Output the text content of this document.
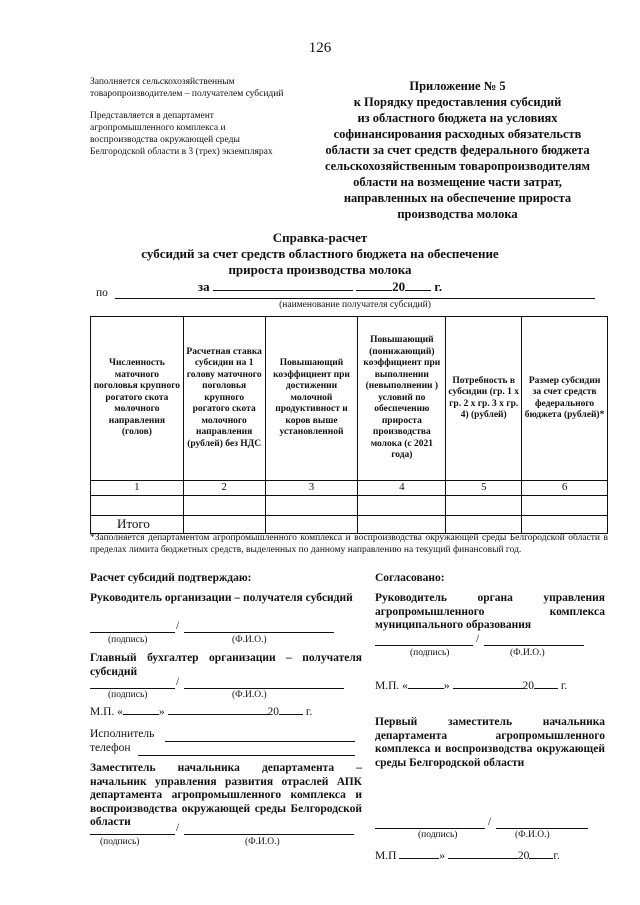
126
Заполняется сельскохозяйственным
товаропроизводителем – получателем субсидий
Представляется в департамент
агропромышленного комплекса и
воспроизводства окружающей среды
Белгородской области в 3 (трех) экземплярах
Приложение № 5
к Порядку предоставления субсидий
из областного бюджета на условиях
софинансирования расходных обязательств
области за счет средств федерального бюджета
сельскохозяйственным товаропроизводителям
области на возмещение части затрат,
направленных на обеспечение прироста
производства молока
Справка-расчет
субсидий за счет средств областного бюджета на обеспечение
прироста производства молока
за	20 г.
по
(наименование получателя субсидий)
Численность маточного поголовья крупного рогатого скота молочного направления (голов)	Расчетная ставка субсидии на 1 голову маточного поголовья крупного рогатого скота молочного направления (рублей) без НДС	Повышающий коэффициент при достижении молочной продуктивност и коров выше установленной	Повышающий (понижающий) коэффициент при выполнении (невыполнении ) условий по обеспечению прироста производства молока (с 2021 года)	Потребность в субсидии (гр. 1 х гр. 2 х гр. 3 х гр. 4) (рублей)	Размер субсидии за счет средств федерального бюджета (рублей)*
1	2	3	4	5	6

Итого					
*Заполняется департаментом агропромышленного комплекса и воспроизводства окружающей среды Белгородской области в пределах лимита бюджетных средств, выделенных по данному направлению на текущий финансовый год.
Расчет субсидий подтверждаю:
Руководитель организации – получателя субсидий
/
(подпись)	(Ф.И.О.)
Главный бухгалтер организации – получателя субсидий
/
(подпись)	(Ф.И.О.)
М.П. «	»	20 г.
Исполнитель
телефон
Заместитель начальника департамента – начальник управления развития отраслей АПК департамента агропромышленного комплекса и воспроизводства окружающей среды Белгородской области	/
(подпись)	(Ф.И.О.)
Согласовано:
Руководитель органа управления агропромышленного комплекса муниципального образования
/
(подпись)	(Ф.И.О.)
М.П. «	»	20 г.
Первый заместитель начальника департамента агропромышленного комплекса и воспроизводства окружающей среды Белгородской области
/
(подпись)	(Ф.И.О.)
М.П	»	20 г.
